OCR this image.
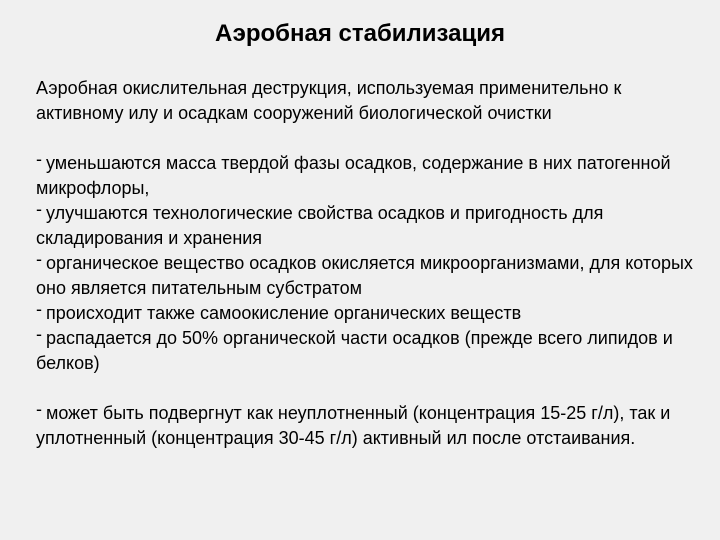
Аэробная стабилизация

Аэробная окислительная деструкция, используемая применительно к активному илу и осадкам сооружений биологической очистки

- уменьшаются масса твердой фазы осадков, содержание в них патогенной микрофлоры,

- улучшаются технологические свойства осадков и пригодность для складирования и хранения

- органическое вещество осадков окисляется микроорганизмами, для которых оно является питательным субстратом

- происходит также самоокисление органических веществ

- распадается до 50% органической части осадков (прежде всего липидов и белков)

- может быть подвергнут как неуплотненный (концентрация 15-25 г/л), так и уплотненный (концентрация 30-45 г/л) активный ил после отстаивания.
